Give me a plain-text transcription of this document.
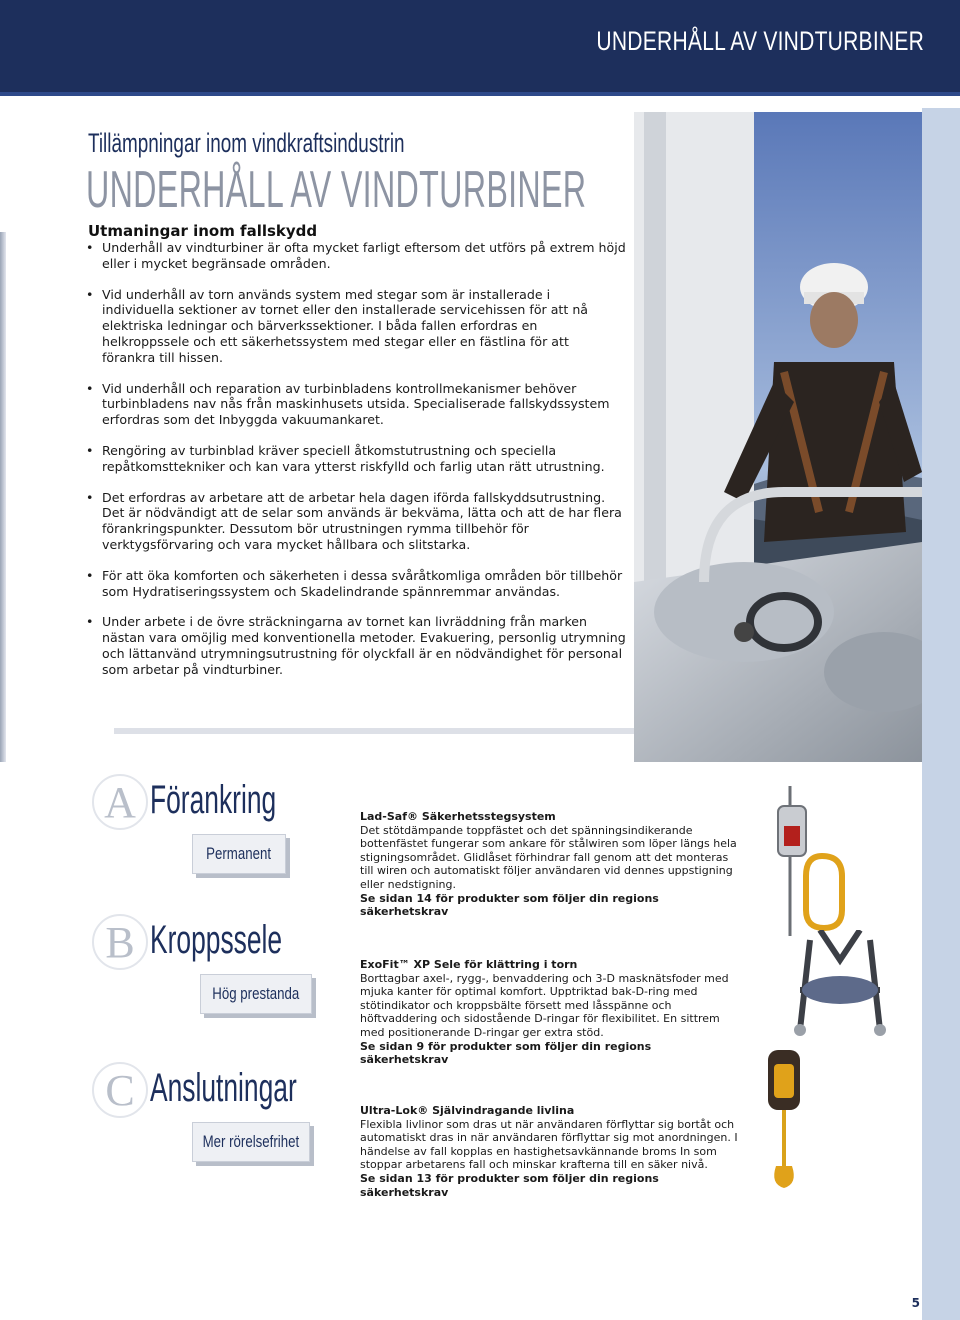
UNDERHÅLL AV VINDTURBINER
Tillämpningar inom vindkraftsindustrin
UNDERHÅLL AV VINDTURBINER
Utmaningar inom fallskydd
• Underhåll av vindturbiner är ofta mycket farligt eftersom det utförs på extrem höjd eller i mycket begränsade områden.
• Vid underhåll av torn används system med stegar som är installerade i individuella sektioner av tornet eller den installerade servicehissen för att nå elektriska ledningar och bärverkssektioner. I båda fallen erfordras en helkroppssele och ett säkerhetssystem med stegar eller en fästlina för att förankra till hissen.
• Vid underhåll och reparation av turbinbladens kontrollmekanismer behöver turbinbladens nav nås från maskinhusets utsida. Specialiserade fallskydssystem erfordras som det Inbyggda vakuumankaret.
• Rengöring av turbinblad kräver speciell åtkomstutrustning och speciella repåtkomsttekniker och kan vara ytterst riskfylld och farlig utan rätt utrustning.
• Det erfordras av arbetare att de arbetar hela dagen iförda fallskyddsutrustning. Det är nödvändigt att de selar som används är bekväma, lätta och att de har flera förankringspunkter. Dessutom bör utrustningen rymma tillbehör för verktygsförvaring och vara mycket hållbara och slitstarka.
• För att öka komforten och säkerheten i dessa svåråtkomliga områden bör tillbehör som Hydratiseringssystem och Skadelindrande spännremmar användas.
• Under arbete i de övre sträckningarna av tornet kan livräddning från marken nästan vara omöjlig med konventionella metoder. Evakuering, personlig utrymning och lättanvänd utrymningsutrustning för olyckfall är en nödvändighet för personal som arbetar på vindturbiner.
A Förankring
Permanent
B Kroppssele
Hög prestanda
C Anslutningar
Mer rörelsefrihet
Lad-Saf® Säkerhetsstegsystem
Det stötdämpande toppfästet och det spänningsindikerande bottenfästet fungerar som ankare för stålwiren som löper längs hela stigningsområdet. Glidlåset förhindrar fall genom att det monteras till wiren och automatiskt följer användaren vid dennes uppstigning eller nedstigning.
Se sidan 14 för produkter som följer din regions säkerhetskrav
ExoFit™ XP Sele för klättring i torn
Borttagbar axel-, rygg-, benvaddering och 3-D masknätsfoder med mjuka kanter för optimal komfort. Upptriktad bak-D-ring med stötindikator och kroppsbälte försett med låsspänne och höftvaddering och sidostående D-ringar för flexibilitet. En sittrem med positionerande D-ringar ger extra stöd.
Se sidan 9 för produkter som följer din regions säkerhetskrav
Ultra-Lok® Självindragande livlina
Flexibla livlinor som dras ut när användaren förflyttar sig bortåt och automatiskt dras in när användaren förflyttar sig mot anordningen. I händelse av fall kopplas en hastighetsavkännande broms In som stoppar arbetarens fall och minskar krafterna till en säker nivå.
Se sidan 13 för produkter som följer din regions säkerhetskrav
5
